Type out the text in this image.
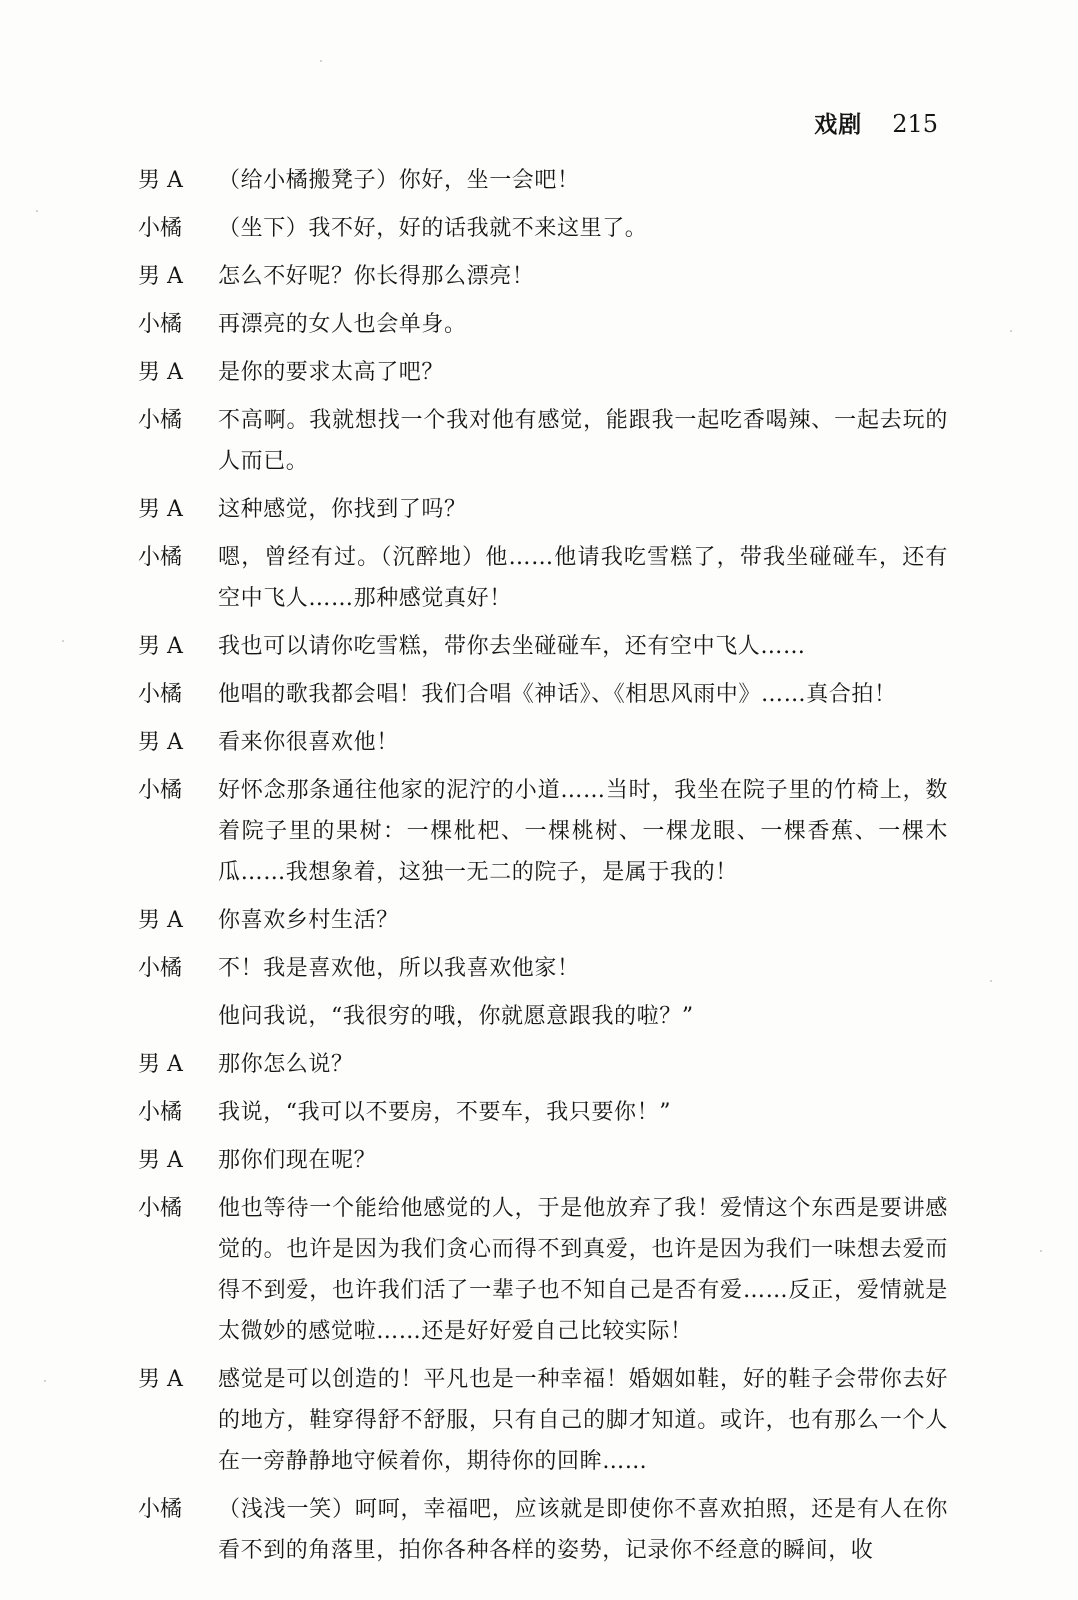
戏剧 215
男 A	（给小橘搬凳子）你好，坐一会吧！
小橘	（坐下）我不好，好的话我就不来这里了。
男 A	怎么不好呢？你长得那么漂亮！
小橘	再漂亮的女人也会单身。
男 A	是你的要求太高了吧？
小橘	不高啊。我就想找一个我对他有感觉，能跟我一起吃香喝辣、一起去玩的人而已。
男 A	这种感觉，你找到了吗？
小橘	嗯，曾经有过。（沉醉地）他……他请我吃雪糕了，带我坐碰碰车，还有空中飞人……那种感觉真好！
男 A	我也可以请你吃雪糕，带你去坐碰碰车，还有空中飞人……
小橘	他唱的歌我都会唱！我们合唱《神话》、《相思风雨中》……真合拍！
男 A	看来你很喜欢他！
小橘	好怀念那条通往他家的泥泞的小道……当时，我坐在院子里的竹椅上，数着院子里的果树：一棵枇杷、一棵桃树、一棵龙眼、一棵香蕉、一棵木瓜……我想象着，这独一无二的院子，是属于我的！
男 A	你喜欢乡村生活？
小橘	不！我是喜欢他，所以我喜欢他家！
他问我说，“我很穷的哦，你就愿意跟我的啦？”
男 A	那你怎么说？
小橘	我说，“我可以不要房，不要车，我只要你！”
男 A	那你们现在呢？
小橘	他也等待一个能给他感觉的人，于是他放弃了我！爱情这个东西是要讲感觉的。也许是因为我们贪心而得不到真爱，也许是因为我们一味想去爱而得不到爱，也许我们活了一辈子也不知自己是否有爱……反正，爱情就是太微妙的感觉啦……还是好好爱自己比较实际！
男 A	感觉是可以创造的！平凡也是一种幸福！婚姻如鞋，好的鞋子会带你去好的地方，鞋穿得舒不舒服，只有自己的脚才知道。或许，也有那么一个人在一旁静静地守候着你，期待你的回眸……
小橘	（浅浅一笑）呵呵，幸福吧，应该就是即使你不喜欢拍照，还是有人在你看不到的角落里，拍你各种各样的姿势，记录你不经意的瞬间，收
